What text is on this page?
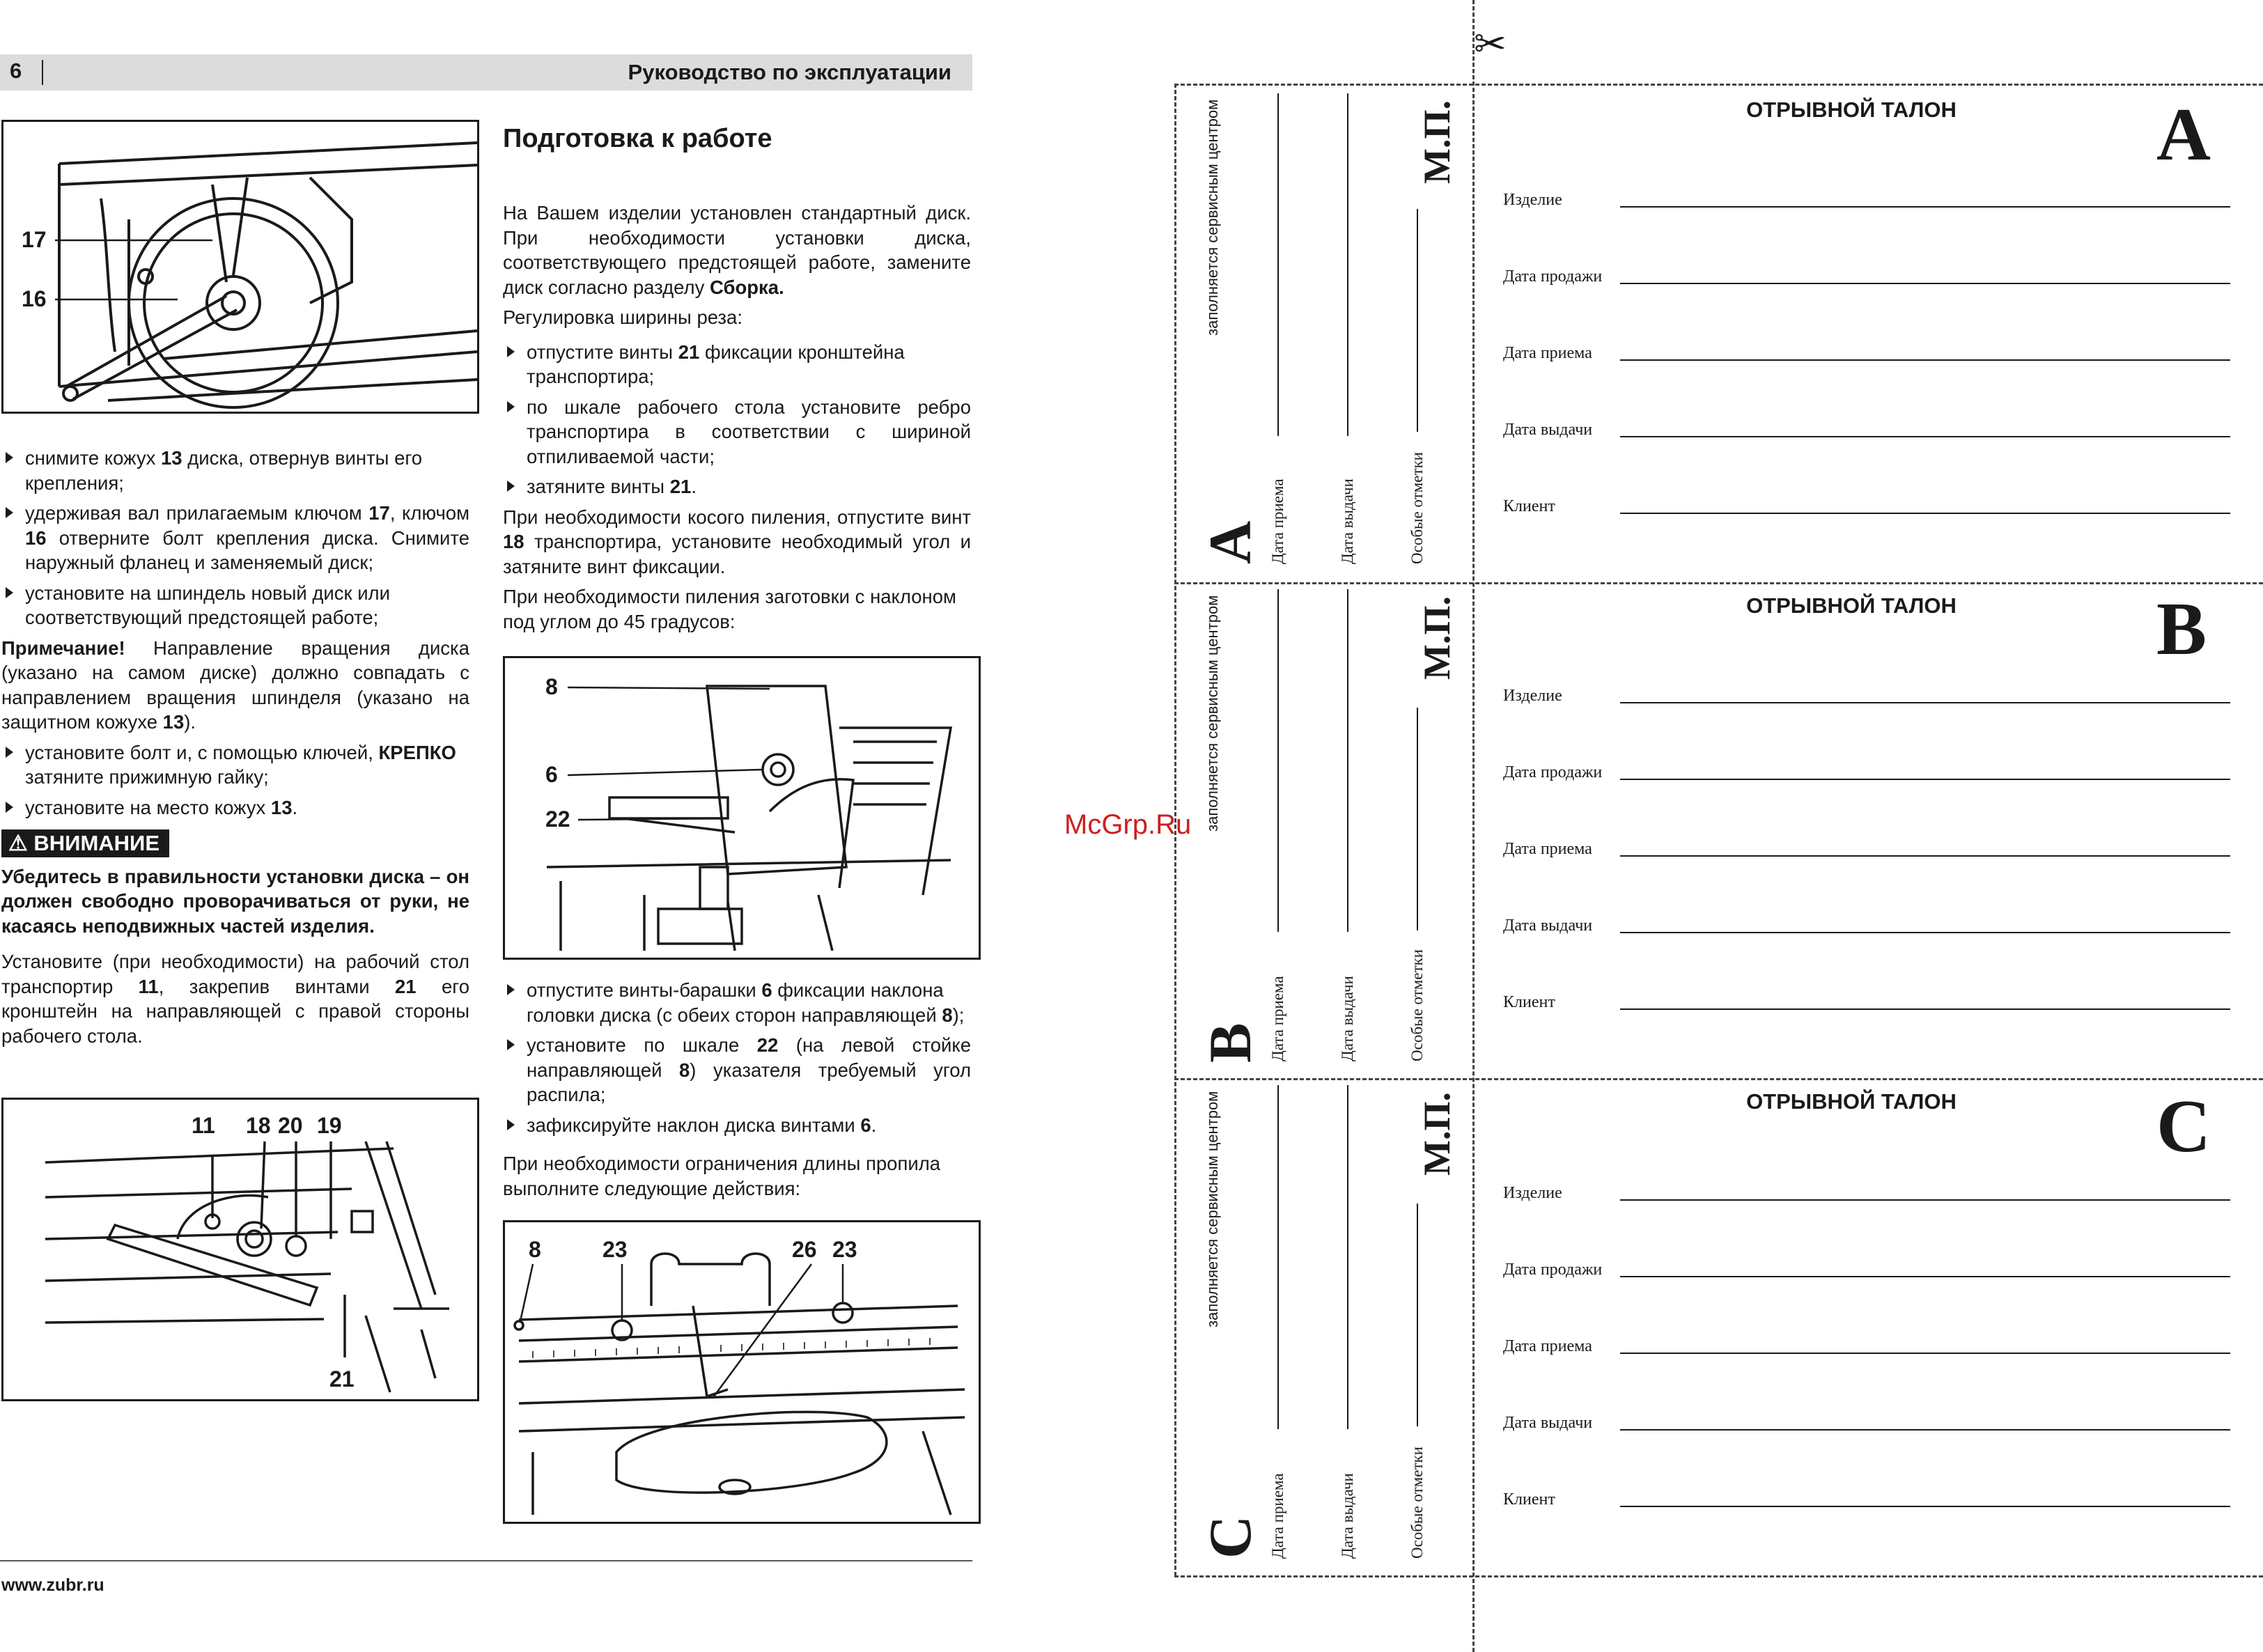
6	Руководство по эксплуатации
17
16
снимите кожух 13 диска, отвернув винты его крепления;
удерживая вал прилагаемым ключом 17, ключом 16 отверните болт крепления диска. Снимите наружный фланец и заменяемый диск;
установите на шпиндель новый диск или соответствующий предстоящей работе;

Примечание! Направление вращения диска (указано на самом диске) должно совпадать с направлением вращения шпинделя (указано на защитном кожухе 13).

установите болт и, с помощью ключей, КРЕПКО затяните прижимную гайку;
установите на место кожух 13.
⚠ ВНИМАНИЕ

Убедитесь в правильности установки диска – он должен свободно проворачиваться от руки, не касаясь неподвижных частей изделия.

Установите (при необходимости) на рабочий стол транспортир 11, закрепив винтами 21 его кронштейн на направляющей с правой стороны рабочего стола.

11 18 20 19
21
Подготовка к работе

На Вашем изделии установлен стандартный диск. При необходимости установки диска, соответствующего предстоящей работе, замените диск согласно разделу Сборка.

Регулировка ширины реза:

отпустите винты 21 фиксации кронштейна транспортира;
по шкале рабочего стола установите ребро транспортира в соответствии с шириной отпиливаемой части;
затяните винты 21.

При необходимости косого пиления, отпустите винт 18 транспортира, установите необходимый угол и затяните винт фиксации.

При необходимости пиления заготовки с наклоном под углом до 45 градусов:

8
6
22
отпустите винты-барашки 6 фиксации наклона головки диска (с обеих сторон направляющей 8);
установите по шкале 22 (на левой стойке направляющей 8) указателя требуемый угол распила;
зафиксируйте наклон диска винтами 6.

При необходимости ограничения длины пропила выполните следующие действия:

8	23	26 23
www.zubr.ru
McGrp.Ru
✂
ОТРЫВНОЙ ТАЛОН	A
Изделие
Дата продажи
Дата приема
Дата выдачи
Клиент
заполняется сервисным центром
A Дата приема	Дата выдачи	Особые отметки
М.П.
ОТРЫВНОЙ ТАЛОН	B
Изделие
Дата продажи
Дата приема
Дата выдачи
Клиент
заполняется сервисным центром
B Дата приема	Дата выдачи	Особые отметки
М.П.
ОТРЫВНОЙ ТАЛОН	C
Изделие
Дата продажи
Дата приема
Дата выдачи
Клиент
заполняется сервисным центром
C Дата приема	Дата выдачи	Особые отметки
М.П.
